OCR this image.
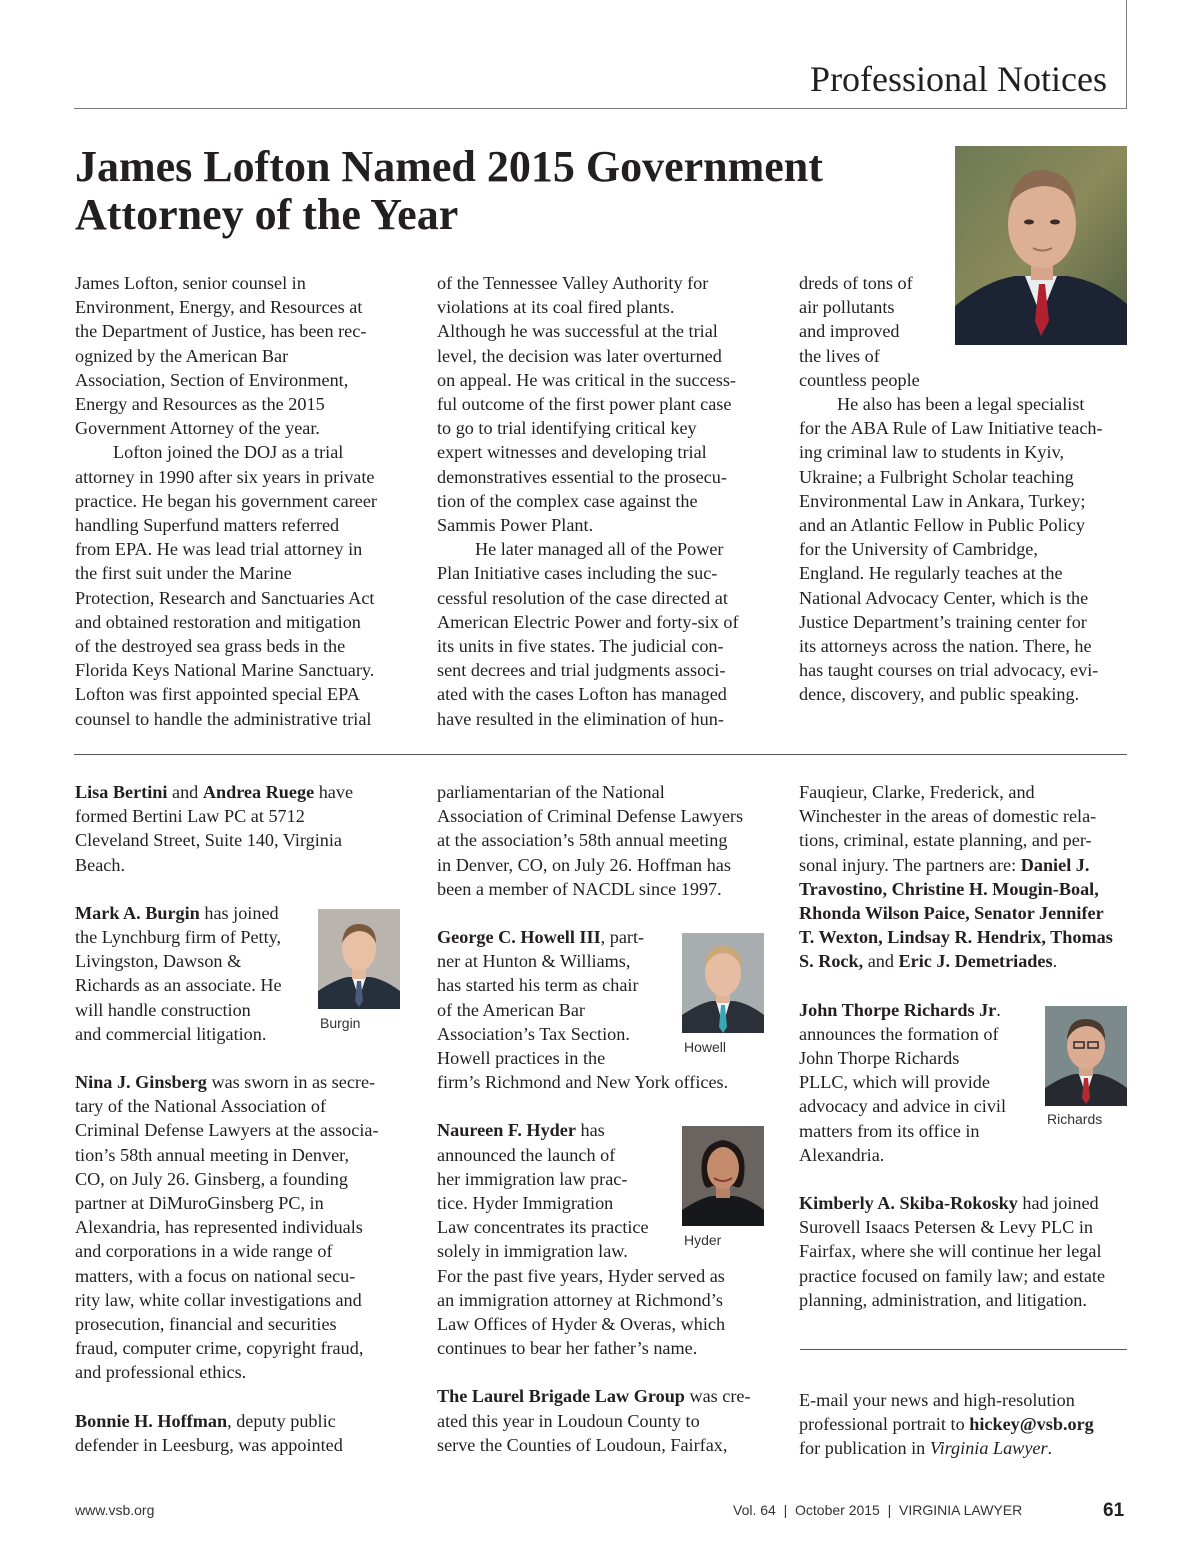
Professional Notices
James Lofton Named 2015 Government
Attorney of the Year
James Lofton, senior counsel in
Environment, Energy, and Resources at
the Department of Justice, has been rec-
ognized by the American Bar
Association, Section of Environment,
Energy and Resources as the 2015
Government Attorney of the year.
Lofton joined the DOJ as a trial
attorney in 1990 after six years in private
practice. He began his government career
handling Superfund matters referred
from EPA. He was lead trial attorney in
the first suit under the Marine
Protection, Research and Sanctuaries Act
and obtained restoration and mitigation
of the destroyed sea grass beds in the
Florida Keys National Marine Sanctuary.
Lofton was first appointed special EPA
counsel to handle the administrative trial
of the Tennessee Valley Authority for
violations at its coal fired plants.
Although he was successful at the trial
level, the decision was later overturned
on appeal. He was critical in the success-
ful outcome of the first power plant case
to go to trial identifying critical key
expert witnesses and developing trial
demonstratives essential to the prosecu-
tion of the complex case against the
Sammis Power Plant.
He later managed all of the Power
Plan Initiative cases including the suc-
cessful resolution of the case directed at
American Electric Power and forty-six of
its units in five states. The judicial con-
sent decrees and trial judgments associ-
ated with the cases Lofton has managed
have resulted in the elimination of hun-
dreds of tons of
air pollutants
and improved
the lives of
countless people
He also has been a legal specialist
for the ABA Rule of Law Initiative teach-
ing criminal law to students in Kyiv,
Ukraine; a Fulbright Scholar teaching
Environmental Law in Ankara, Turkey;
and an Atlantic Fellow in Public Policy
for the University of Cambridge,
England. He regularly teaches at the
National Advocacy Center, which is the
Justice Department’s training center for
its attorneys across the nation. There, he
has taught courses on trial advocacy, evi-
dence, discovery, and public speaking.
Lisa Bertini and Andrea Ruege have
formed Bertini Law PC at 5712
Cleveland Street, Suite 140, Virginia
Beach.
Mark A. Burgin has joined
the Lynchburg firm of Petty,
Livingston, Dawson &
Richards as an associate. He
will handle construction
and commercial litigation.
Nina J. Ginsberg was sworn in as secre-
tary of the National Association of
Criminal Defense Lawyers at the associa-
tion’s 58th annual meeting in Denver,
CO, on July 26. Ginsberg, a founding
partner at DiMuroGinsberg PC, in
Alexandria, has represented individuals
and corporations in a wide range of
matters, with a focus on national secu-
rity law, white collar investigations and
prosecution, financial and securities
fraud, computer crime, copyright fraud,
and professional ethics.
Bonnie H. Hoffman, deputy public
defender in Leesburg, was appointed
Burgin
parliamentarian of the National
Association of Criminal Defense Lawyers
at the association’s 58th annual meeting
in Denver, CO, on July 26. Hoffman has
been a member of NACDL since 1997.
George C. Howell III, part-
ner at Hunton & Williams,
has started his term as chair
of the American Bar
Association’s Tax Section.
Howell practices in the
firm’s Richmond and New York offices.
Naureen F. Hyder has
announced the launch of
her immigration law prac-
tice. Hyder Immigration
Law concentrates its practice
solely in immigration law.
For the past five years, Hyder served as
an immigration attorney at Richmond’s
Law Offices of Hyder & Overas, which
continues to bear her father’s name.
The Laurel Brigade Law Group was cre-
ated this year in Loudoun County to
serve the Counties of Loudoun, Fairfax,
Howell
Hyder
Fauqieur, Clarke, Frederick, and
Winchester in the areas of domestic rela-
tions, criminal, estate planning, and per-
sonal injury. The partners are: Daniel J.
Travostino, Christine H. Mougin-Boal,
Rhonda Wilson Paice, Senator Jennifer
T. Wexton, Lindsay R. Hendrix, Thomas
S. Rock, and Eric J. Demetriades.
John Thorpe Richards Jr.
announces the formation of
John Thorpe Richards
PLLC, which will provide
advocacy and advice in civil
matters from its office in
Alexandria.
Kimberly A. Skiba-Rokosky had joined
Surovell Isaacs Petersen & Levy PLC in
Fairfax, where she will continue her legal
practice focused on family law; and estate
planning, administration, and litigation.
Richards
E-mail your news and high-resolution
professional portrait to hickey@vsb.org
for publication in Virginia Lawyer.
www.vsb.org	Vol. 64  |  October 2015  |  VIRGINIA LAWYER	61
